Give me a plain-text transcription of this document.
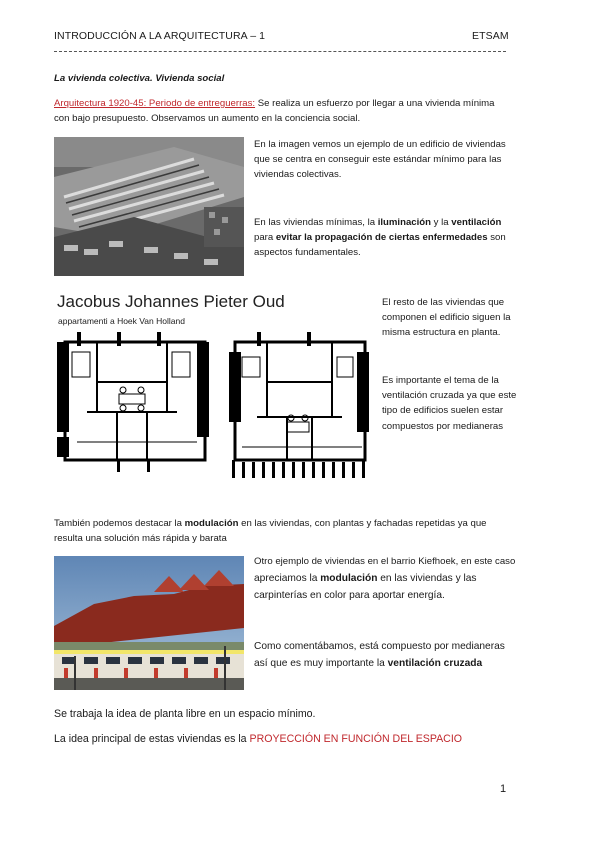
INTRODUCCIÓN A LA ARQUITECTURA – 1	ETSAM
La vivienda colectiva. Vivienda social
Arquitectura 1920-45: Periodo de entreguerras: Se realiza un esfuerzo por llegar a una vivienda mínima
con bajo presupuesto. Observamos un aumento en la conciencia social.
En la imagen vemos un ejemplo de un edificio de viviendas
que se centra en conseguir este estándar mínimo para las
viviendas colectivas.
En las viviendas mínimas, la iluminación y la ventilación
para evitar la propagación de ciertas enfermedades son
aspectos fundamentales.
Jacobus Johannes Pieter Oud
appartamenti a Hoek Van Holland
El resto de las viviendas que
componen el edificio siguen la
misma estructura en planta.
Es importante el tema de la
ventilación cruzada ya que este
tipo de edificios suelen estar
compuestos por medianeras
También podemos destacar la modulación en las viviendas, con plantas y fachadas repetidas ya que
resulta una solución más rápida y barata
Otro ejemplo de viviendas en el barrio Kiefhoek, en este caso
apreciamos la modulación en las viviendas y las
carpinterías en color para aportar energía.
Como comentábamos, está compuesto por medianeras
así que es muy importante la ventilación cruzada
Se trabaja la idea de planta libre en un espacio mínimo.
La idea principal de estas viviendas es la PROYECCIÓN EN FUNCIÓN DEL ESPACIO
1
